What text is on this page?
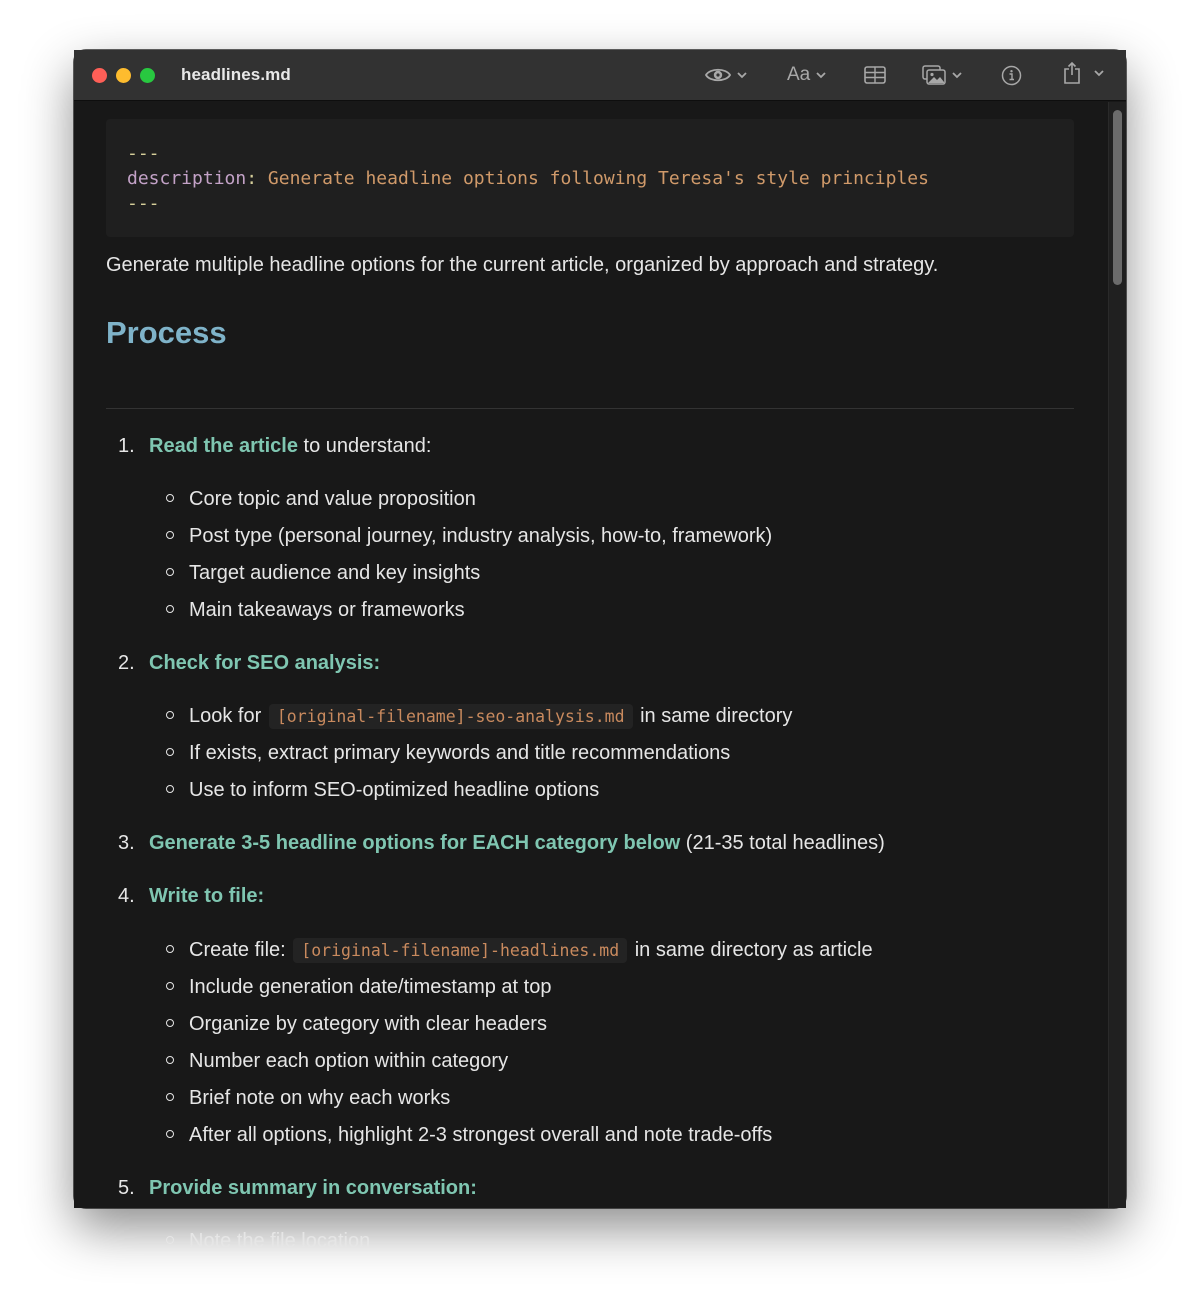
headlines.md	Aa
---
description: Generate headline options following Teresa's style principles
---
Generate multiple headline options for the current article, organized by approach and strategy.
Process
1. Read the article to understand:
Core topic and value proposition
Post type (personal journey, industry analysis, how-to, framework)
Target audience and key insights
Main takeaways or frameworks
2. Check for SEO analysis:
Look for [original-filename]-seo-analysis.md in same directory
If exists, extract primary keywords and title recommendations
Use to inform SEO-optimized headline options
3. Generate 3-5 headline options for EACH category below (21-35 total headlines)
4. Write to file:
Create file: [original-filename]-headlines.md in same directory as article
Include generation date/timestamp at top
Organize by category with clear headers
Number each option within category
Brief note on why each works
After all options, highlight 2-3 strongest overall and note trade-offs
5. Provide summary in conversation:
Note the file location
